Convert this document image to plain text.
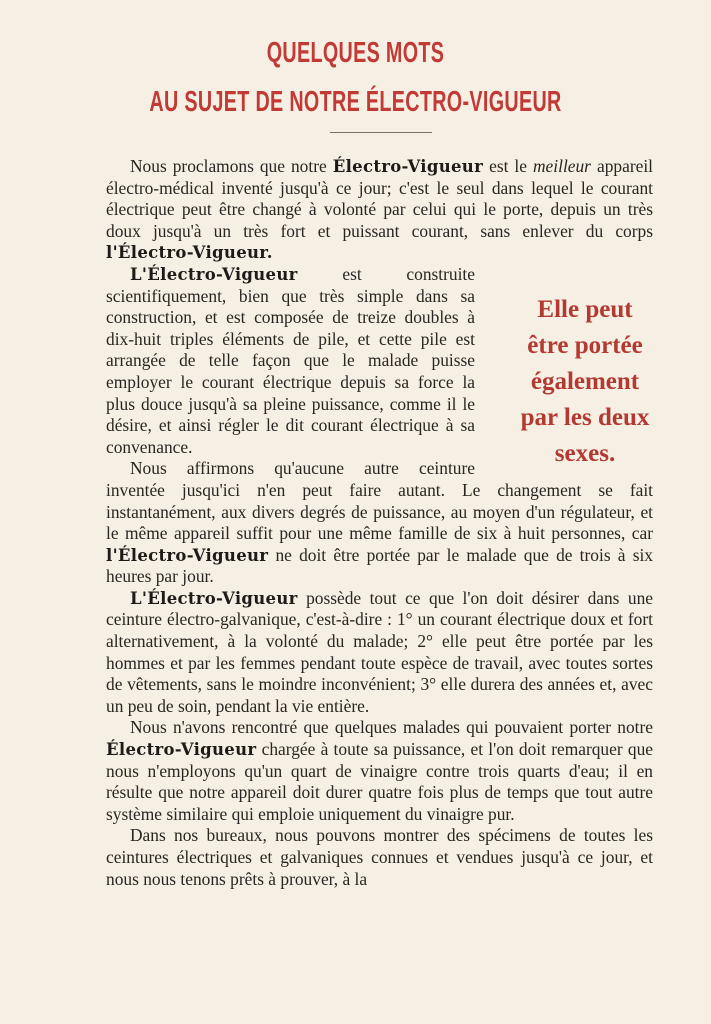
QUELQUES MOTS
AU SUJET DE NOTRE ÉLECTRO-VIGUEUR

Nous proclamons que notre Électro-Vigueur est le meilleur appareil électro-médical inventé jusqu'à ce jour; c'est le seul dans lequel le courant électrique peut être changé à volonté par celui qui le porte, depuis un très doux jusqu'à un très fort et puissant courant, sans enlever du corps l'Électro-Vigueur.

Elle peut
être portée
également
par les deux
sexes.
L'Électro-Vigueur	est construite scientifiquement, bien que très simple dans sa construction, et est composée de treize doubles à dix-huit triples éléments de pile, et cette pile est arrangée de telle façon que le malade puisse employer le courant électrique depuis sa force la plus douce jusqu'à sa pleine puissance, comme il le désire, et ainsi régler le dit courant électrique à sa convenance.

Nous affirmons qu'aucune autre ceinture inventée jusqu'ici n'en peut faire autant. Le changement se fait instantanément, aux divers degrés de puissance, au moyen d'un régulateur, et le même appareil suffit pour une même famille de six à huit personnes, car l'Électro-Vigueur ne doit être portée par le malade que de trois à six heures par jour.

L'Électro-Vigueur possède tout ce que l'on doit désirer dans une ceinture électro-galvanique, c'est-à-dire : 1° un courant électrique doux et fort alternativement, à la volonté du malade; 2° elle peut être portée par les hommes et par les femmes pendant toute espèce de travail, avec toutes sortes de vêtements, sans le moindre inconvénient; 3° elle durera des années et, avec un peu de soin, pendant la vie entière.

Nous n'avons rencontré que quelques malades qui pouvaient porter notre Électro-Vigueur chargée à toute sa puissance, et l'on doit remarquer que nous n'employons qu'un quart de vinaigre contre trois quarts d'eau; il en résulte que notre appareil doit durer quatre fois plus de temps que tout autre système similaire qui emploie uniquement du vinaigre pur.

Dans nos bureaux, nous pouvons montrer des spécimens de toutes les ceintures électriques et galvaniques connues et vendues jusqu'à ce jour, et nous nous tenons prêts à prouver, à la
